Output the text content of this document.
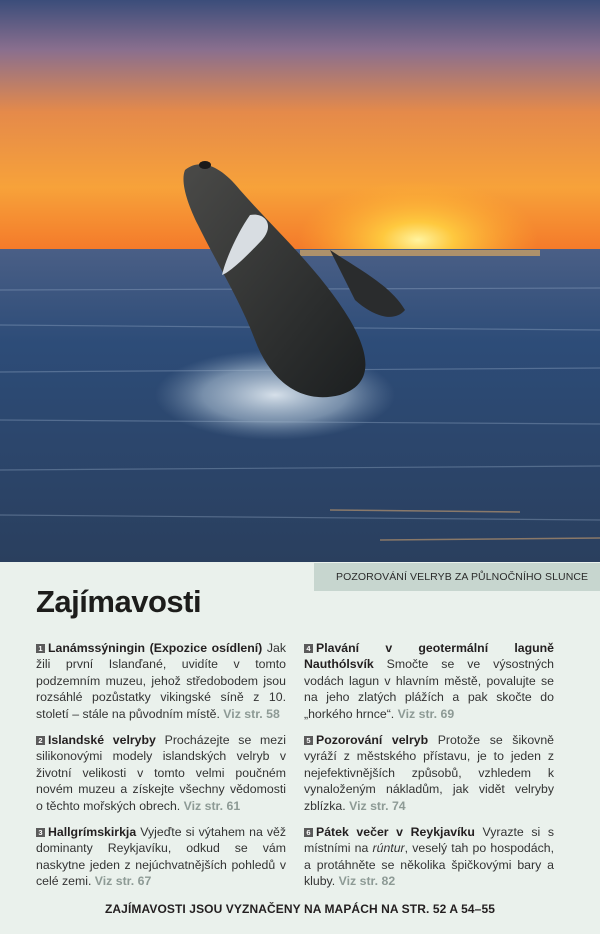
POZOROVÁNÍ VELRYB ZA PŮLNOČNÍHO SLUNCE
Zajímavosti

1 Lanámssýningin (Expozice osídlení) Jak žili první Islanďané, uvidíte v tomto podzemním muzeu, jehož středobodem jsou rozsáhlé pozůstatky vikingské síně z 10. století – stále na původním místě. Viz str. 58

2 Islandské velryby Procházejte se mezi silikonovými modely islandských velryb v životní velikosti v tomto velmi poučném novém muzeu a získejte všechny vědomosti o těchto mořských obrech. Viz str. 61

3 Hallgrímskirkja Vyjeďte si výtahem na věž dominanty Reykjavíku, odkud se vám naskytne jeden z nejúchvatnějších pohledů v celé zemi. Viz str. 67

4 Plavání v geotermální laguně Nauthólsvík Smočte se ve výsostných vodách lagun v hlavním městě, povalujte se na jeho zlatých plážích a pak skočte do „horkého hrnce“. Viz str. 69

5 Pozorování velryb Protože se šikovně vyráží z městského přístavu, je to jeden z nejefektivnějších způsobů, vzhledem k vynaloženým nákladům, jak vidět velryby zblízka. Viz str. 74

6 Pátek večer v Reykjavíku Vyrazte si s místními na rúntur, veselý tah po hospodách, a protáhněte se několika špičkovými bary a kluby. Viz str. 82

ZAJÍMAVOSTI JSOU VYZNAČENY NA MAPÁCH NA STR. 52 A 54–55
